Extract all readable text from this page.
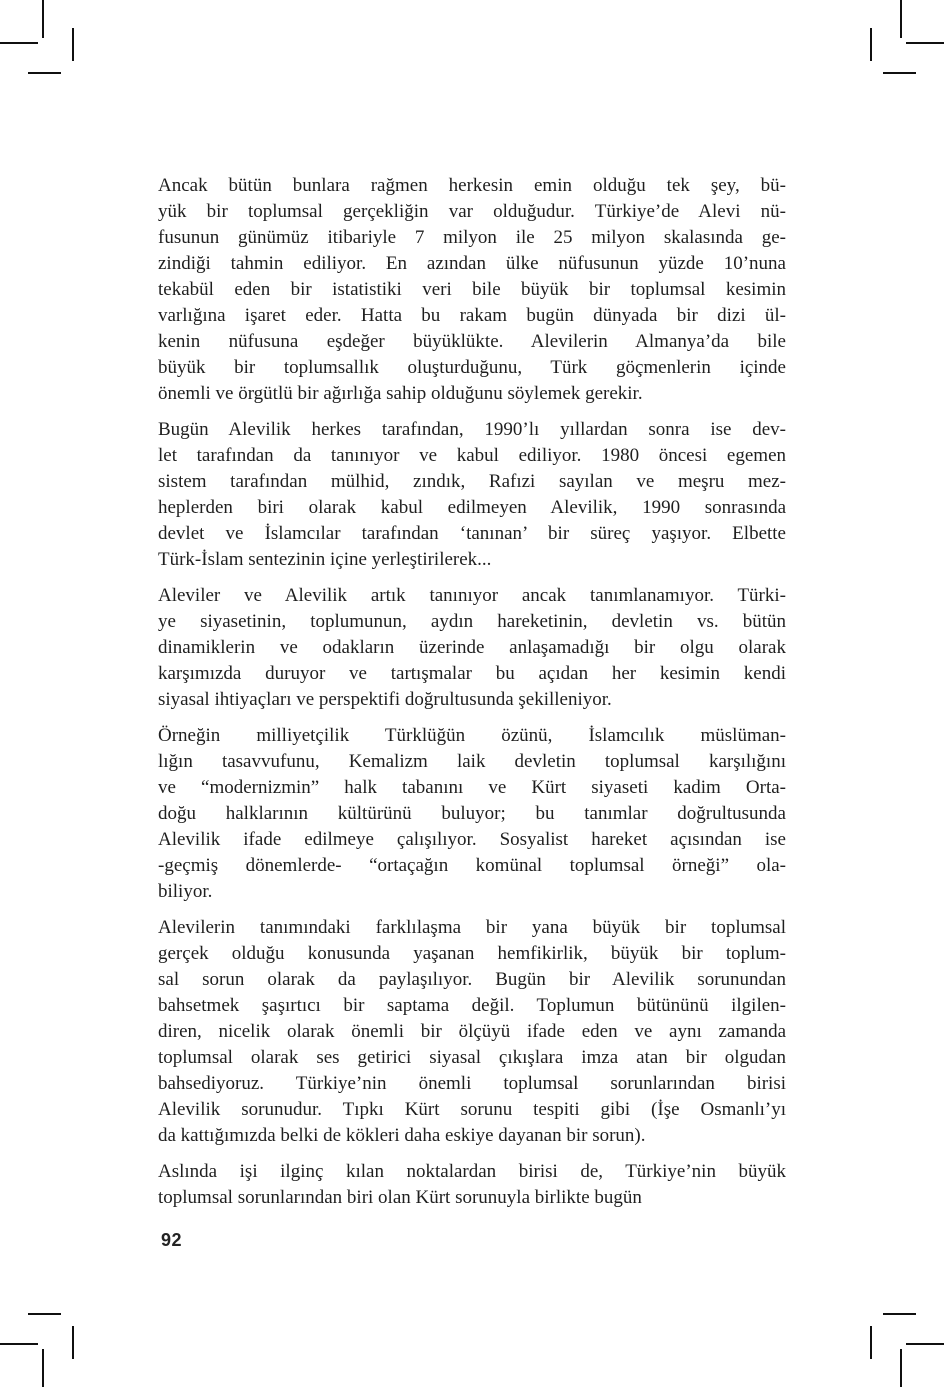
Ancak bütün bunlara rağmen herkesin emin olduğu tek şey, bü-
yük bir toplumsal gerçekliğin var olduğudur. Türkiye’de Alevi nü-
fusunun günümüz itibariyle 7 milyon ile 25 milyon skalasında ge-
zindiği tahmin ediliyor. En azından ülke nüfusunun yüzde 10’nuna
tekabül eden bir istatistiki veri bile büyük bir toplumsal kesimin
varlığına işaret eder. Hatta bu rakam bugün dünyada bir dizi ül-
kenin nüfusuna eşdeğer büyüklükte. Alevilerin Almanya’da bile
büyük bir toplumsallık oluşturduğunu, Türk göçmenlerin içinde
önemli ve örgütlü bir ağırlığa sahip olduğunu söylemek gerekir.
Bugün Alevilik herkes tarafından, 1990’lı yıllardan sonra ise dev-
let tarafından da tanınıyor ve kabul ediliyor. 1980 öncesi egemen
sistem tarafından mülhid, zındık, Rafızi sayılan ve meşru mez-
heplerden biri olarak kabul edilmeyen Alevilik, 1990 sonrasında
devlet ve İslamcılar tarafından ‘tanınan’ bir süreç yaşıyor. Elbette
Türk-İslam sentezinin içine yerleştirilerek...
Aleviler ve Alevilik artık tanınıyor ancak tanımlanamıyor. Türki-
ye siyasetinin, toplumunun, aydın hareketinin, devletin vs. bütün
dinamiklerin ve odakların üzerinde anlaşamadığı bir olgu olarak
karşımızda duruyor ve tartışmalar bu açıdan her kesimin kendi
siyasal ihtiyaçları ve perspektifi doğrultusunda şekilleniyor.
Örneğin milliyetçilik Türklüğün özünü, İslamcılık müslüman-
lığın tasavvufunu, Kemalizm laik devletin toplumsal karşılığını
ve “modernizmin” halk tabanını ve Kürt siyaseti kadim Orta-
doğu halklarının kültürünü buluyor; bu tanımlar doğrultusunda
Alevilik ifade edilmeye çalışılıyor. Sosyalist hareket açısından ise
-geçmiş dönemlerde- “ortaçağın komünal toplumsal örneği” ola-
biliyor.
Alevilerin tanımındaki farklılaşma bir yana büyük bir toplumsal
gerçek olduğu konusunda yaşanan hemfikirlik, büyük bir toplum-
sal sorun olarak da paylaşılıyor. Bugün bir Alevilik sorunundan
bahsetmek şaşırtıcı bir saptama değil. Toplumun bütününü ilgilen-
diren, nicelik olarak önemli bir ölçüyü ifade eden ve aynı zamanda
toplumsal olarak ses getirici siyasal çıkışlara imza atan bir olgudan
bahsediyoruz. Türkiye’nin önemli toplumsal sorunlarından birisi
Alevilik sorunudur. Tıpkı Kürt sorunu tespiti gibi (İşe Osmanlı’yı
da kattığımızda belki de kökleri daha eskiye dayanan bir sorun).
Aslında işi ilginç kılan noktalardan birisi de, Türkiye’nin büyük
toplumsal sorunlarından biri olan Kürt sorunuyla birlikte bugün
92
